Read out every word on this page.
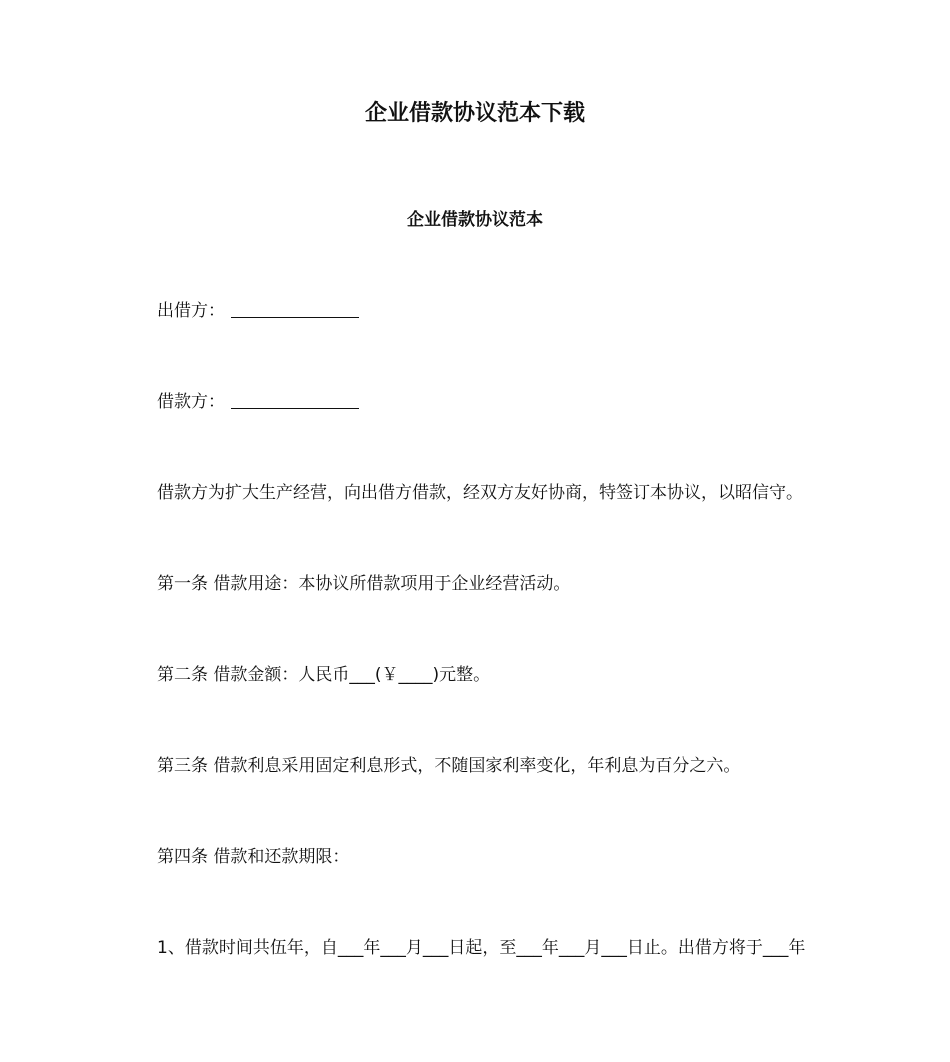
企业借款协议范本下载
企业借款协议范本
出借方：
借款方：
借款方为扩大生产经营，向出借方借款，经双方友好协商，特签订本协议，以昭信守。
第一条 借款用途：本协议所借款项用于企业经营活动。
第二条 借款金额：人民币___(￥____)元整。
第三条 借款利息采用固定利息形式，不随国家利率变化，年利息为百分之六。
第四条 借款和还款期限：
1、借款时间共伍年，自___年___月___日起，至___年___月___日止。出借方将于___年
